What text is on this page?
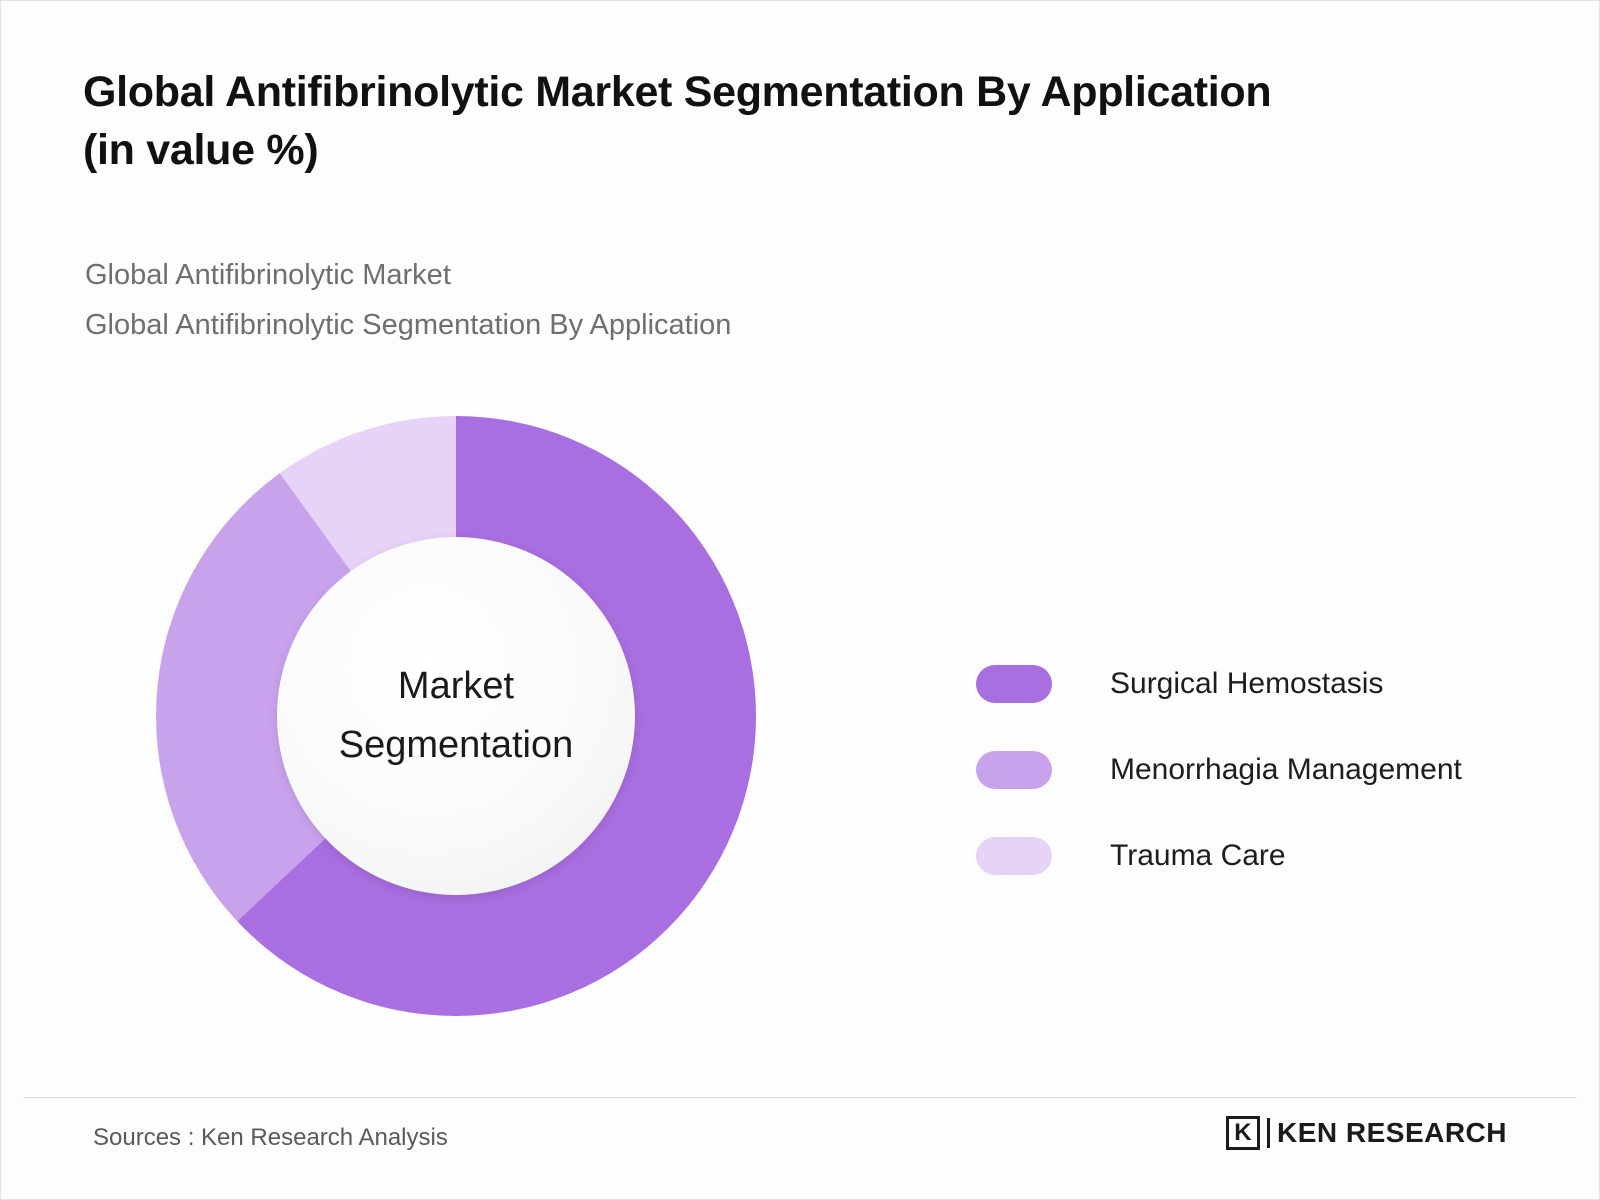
Global Antifibrinolytic Market Segmentation By Application (in value %)
Global Antifibrinolytic Market
Global Antifibrinolytic Segmentation By Application
Market
Segmentation
Surgical Hemostasis
Menorrhagia Management
Trauma Care
Sources : Ken Research Analysis	K KEN RESEARCH
